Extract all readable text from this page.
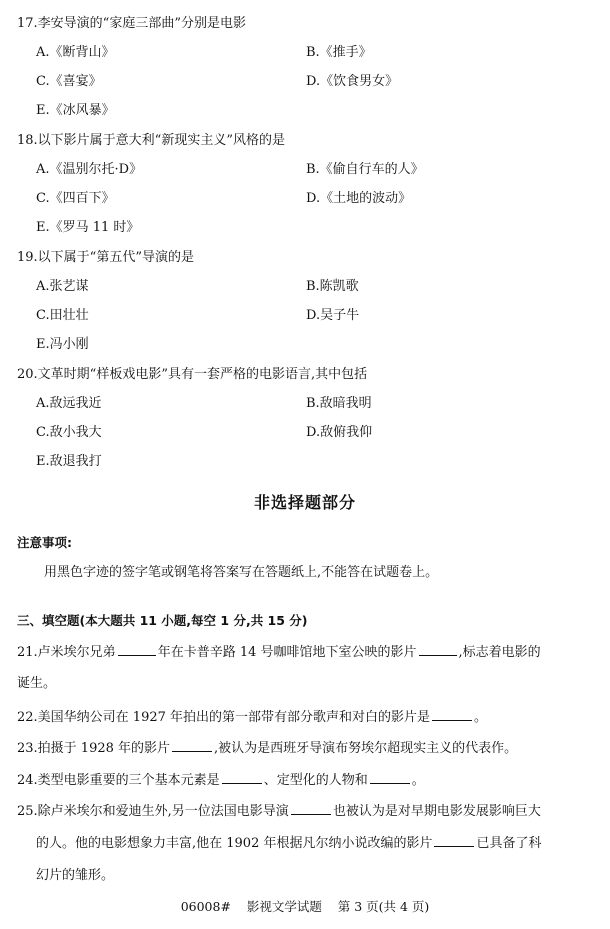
17.李安导演的“家庭三部曲”分别是电影
A.《断背山》	B.《推手》
C.《喜宴》	D.《饮食男女》
E.《冰风暴》
18.以下影片属于意大利“新现实主义”风格的是
A.《温别尔托·D》	B.《偷自行车的人》
C.《四百下》	D.《土地的波动》
E.《罗马 11 时》
19.以下属于“第五代”导演的是
A.张艺谋	B.陈凯歌
C.田壮壮	D.吴子牛
E.冯小刚
20.文革时期“样板戏电影”具有一套严格的电影语言,其中包括
A.敌远我近	B.敌暗我明
C.敌小我大	D.敌俯我仰
E.敌退我打
非选择题部分
注意事项:
用黑色字迹的签字笔或钢笔将答案写在答题纸上,不能答在试题卷上。
三、填空题(本大题共 11 小题,每空 1 分,共 15 分)
21.卢米埃尔兄弟	年在卡普辛路 14 号咖啡馆地下室公映的影片	,标志着电影的
诞生。
22.美国华纳公司在 1927 年拍出的第一部带有部分歌声和对白的影片是	。
23.拍摄于 1928 年的影片	,被认为是西班牙导演布努埃尔超现实主义的代表作。
24.类型电影重要的三个基本元素是	、定型化的人物和	。
25.除卢米埃尔和爱迪生外,另一位法国电影导演	也被认为是对早期电影发展影响巨大
的人。他的电影想象力丰富,他在 1902 年根据凡尔纳小说改编的影片	已具备了科
幻片的雏形。
06008#    影视文学试题    第 3 页(共 4 页)
